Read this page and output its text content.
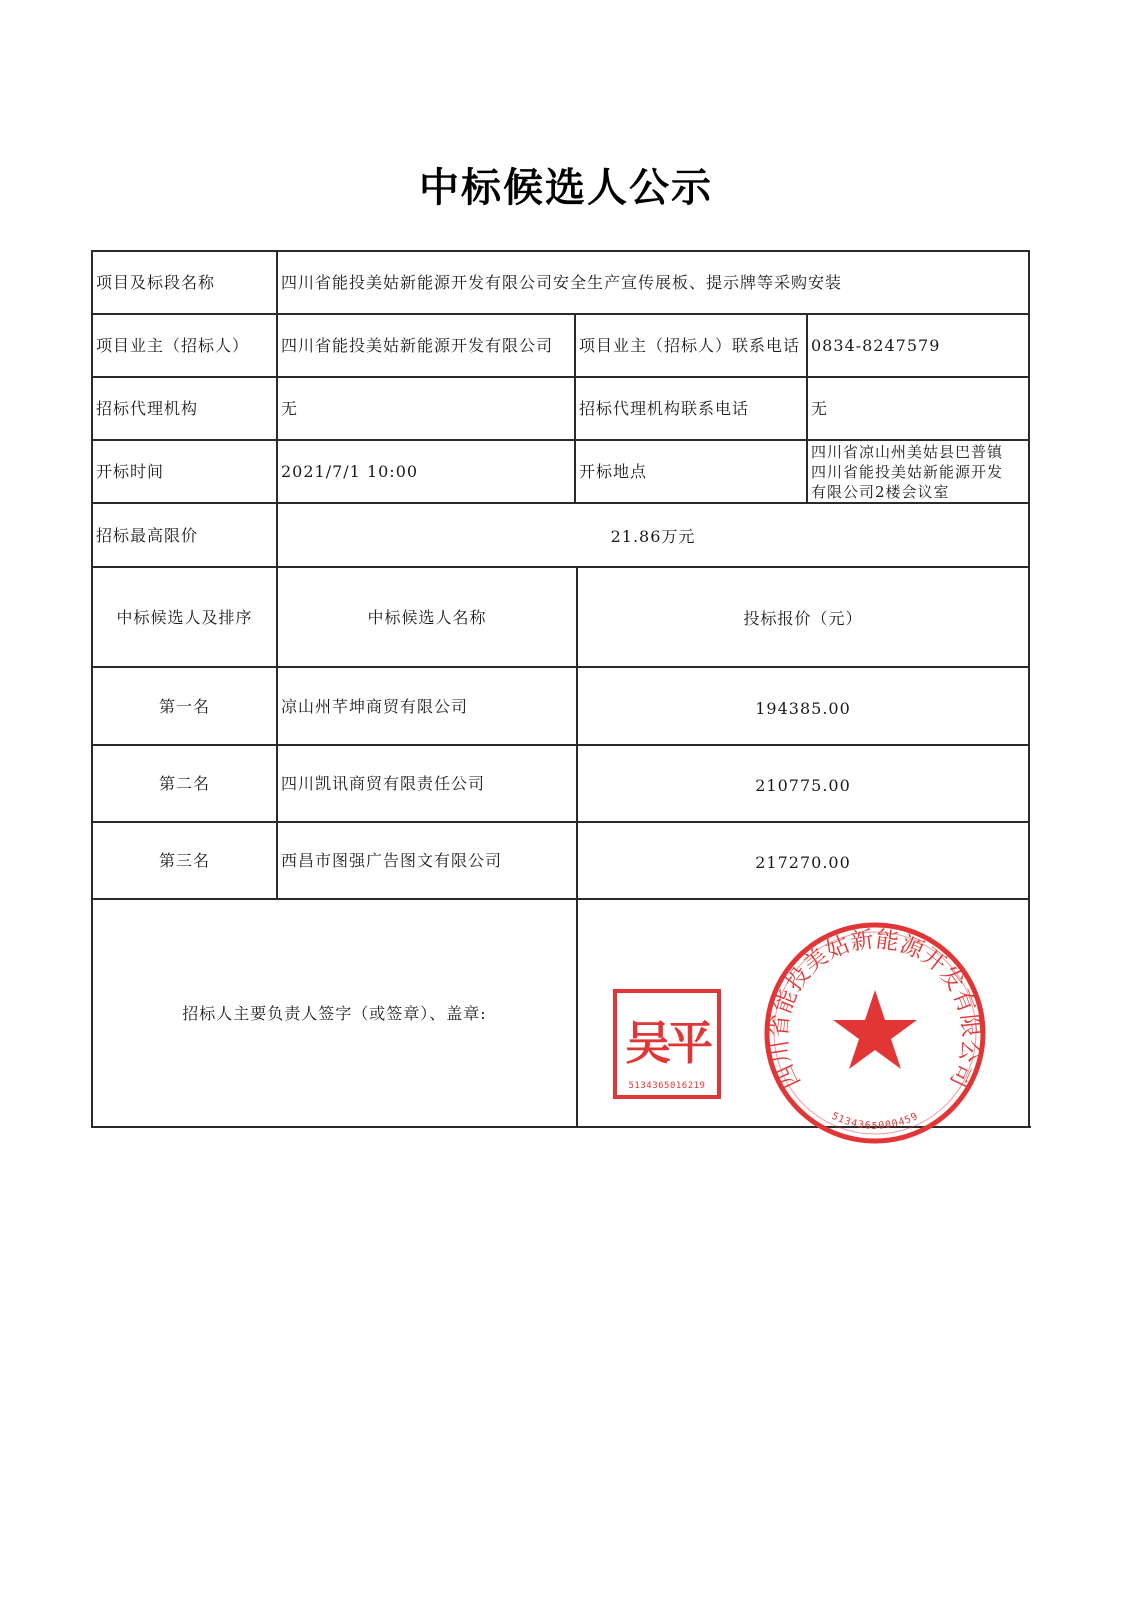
中标候选人公示
项目及标段名称	四川省能投美姑新能源开发有限公司安全生产宣传展板、提示牌等采购安装
项目业主（招标人）	四川省能投美姑新能源开发有限公司	项目业主（招标人）联系电话 0834-8247579
招标代理机构	无	招标代理机构联系电话	无
开标时间	2021/7/1 10:00	开标地点
四川省凉山州美姑县巴普镇
四川省能投美姑新能源开发
有限公司2楼会议室
招标最高限价	21.86万元
中标候选人及排序	中标候选人名称	投标报价（元）
第一名	凉山州芊坤商贸有限公司	194385.00
第二名	四川凯讯商贸有限责任公司	210775.00
第三名	西昌市图强广告图文有限公司	217270.00
招标人主要负责人签字（或签章）、盖章:
吴平
5134365016219	四川省能投美姑新能源开发有限公司
5134365000459
